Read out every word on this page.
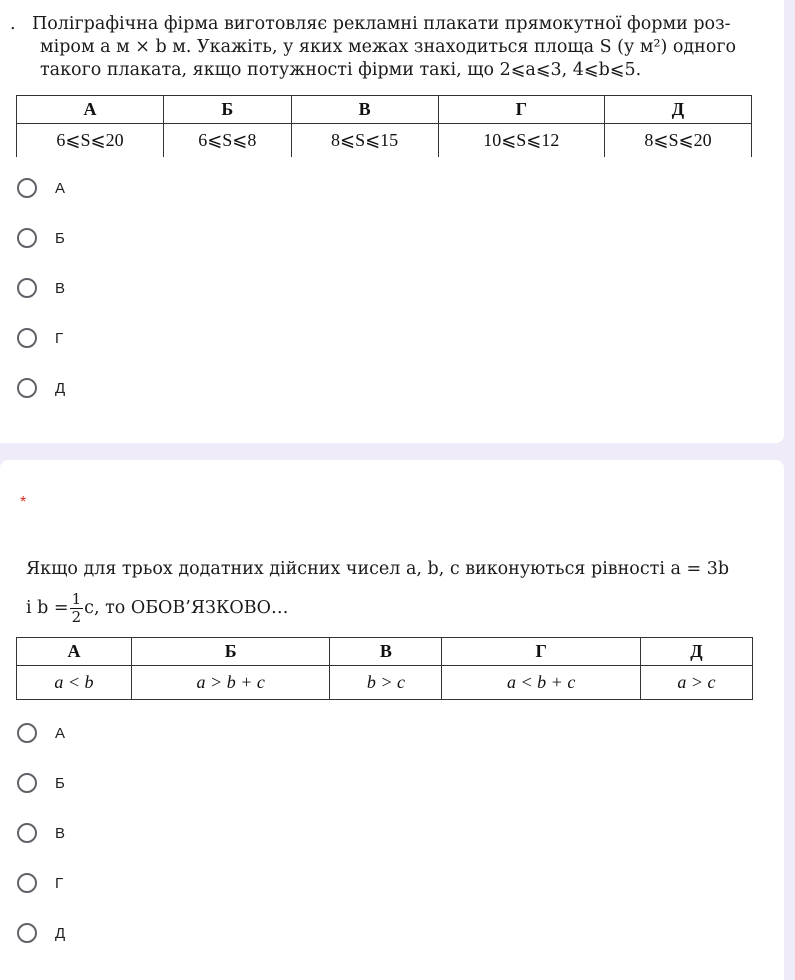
. Поліграфічна фірма виготовляє рекламні плакати прямокутної форми роз-
міром a м × b м. Укажіть, у яких межах знаходиться площа S (у м²) одного
такого плаката, якщо потужності фірми такі, що 2⩽a⩽3, 4⩽b⩽5.
А	Б	В	Г	Д
6⩽S⩽20	6⩽S⩽8	8⩽S⩽15	10⩽S⩽12	8⩽S⩽20
А
Б
В
Г
Д
*
Якщо для трьох додатних дійсних чисел a, b, c виконуються рівності a = 3b
і $b = \frac{1}{2} c$, то ОБОВ’ЯЗКОВО…
А	Б	В	Г	Д
a < b	a > b + c	b > c	a < b + c	a > c
А
Б
В
Г
Д
